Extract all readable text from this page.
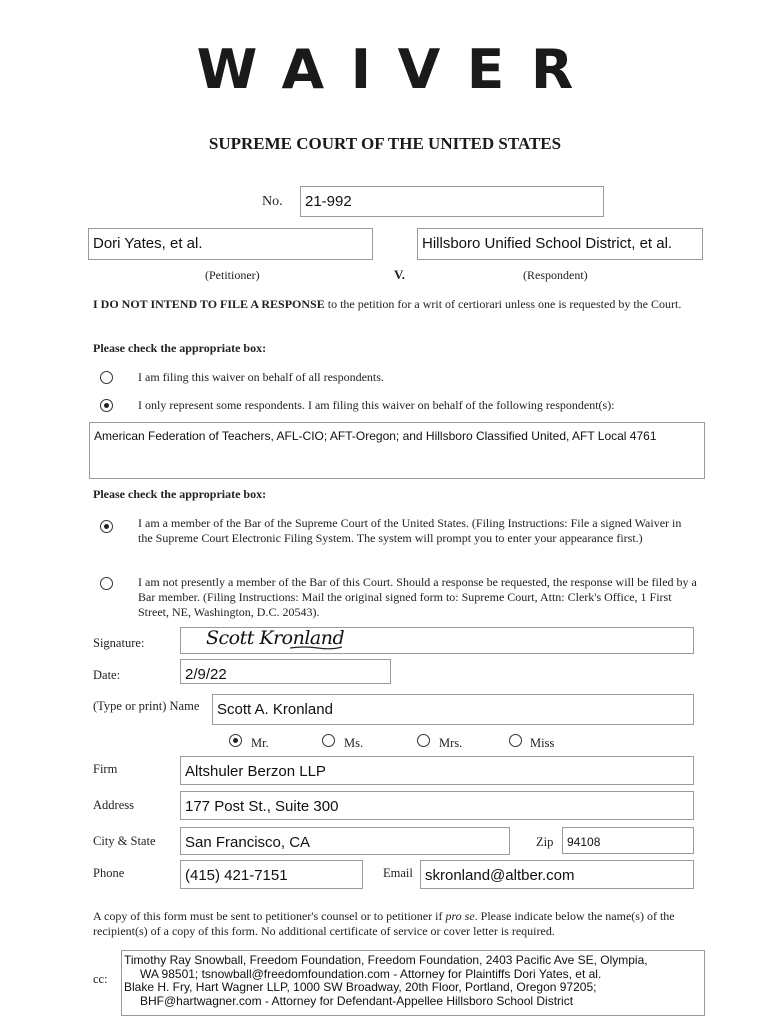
WAIVER
SUPREME COURT OF THE UNITED STATES
No.	21-992
Dori Yates, et al.	Hillsboro Unified School District, et al.
(Petitioner)	V.	(Respondent)
I DO NOT INTEND TO FILE A RESPONSE to the petition for a writ of certiorari unless one is requested by the Court.
Please check the appropriate box:
I am filing this waiver on behalf of all respondents.
I only represent some respondents. I am filing this waiver on behalf of the following respondent(s):
American Federation of Teachers, AFL-CIO; AFT-Oregon; and Hillsboro Classified United, AFT Local 4761
Please check the appropriate box:
I am a member of the Bar of the Supreme Court of the United States. (Filing Instructions: File a signed Waiver in the Supreme Court Electronic Filing System. The system will prompt you to enter your appearance first.)
I am not presently a member of the Bar of this Court. Should a response be requested, the response will be filed by a Bar member. (Filing Instructions: Mail the original signed form to: Supreme Court, Attn: Clerk's Office, 1 First Street, NE, Washington, D.C. 20543).
Signature:	Scott Kronland
Date:	2/9/22
(Type or print) Name	Scott A. Kronland
Mr.	Ms.	Mrs.	Miss
Firm	Altshuler Berzon LLP
Address	177 Post St., Suite 300
City & State	San Francisco, CA	Zip	94108
Phone	(415) 421-7151	Email skronland@altber.com
A copy of this form must be sent to petitioner's counsel or to petitioner if pro se. Please indicate below the name(s) of the recipient(s) of a copy of this form. No additional certificate of service or cover letter is required.
cc:
Timothy Ray Snowball, Freedom Foundation, Freedom Foundation, 2403 Pacific Ave SE, Olympia,
WA 98501; tsnowball@freedomfoundation.com - Attorney for Plaintiffs Dori Yates, et al.
Blake H. Fry, Hart Wagner LLP, 1000 SW Broadway, 20th Floor, Portland, Oregon 97205;
BHF@hartwagner.com - Attorney for Defendant-Appellee Hillsboro School District
